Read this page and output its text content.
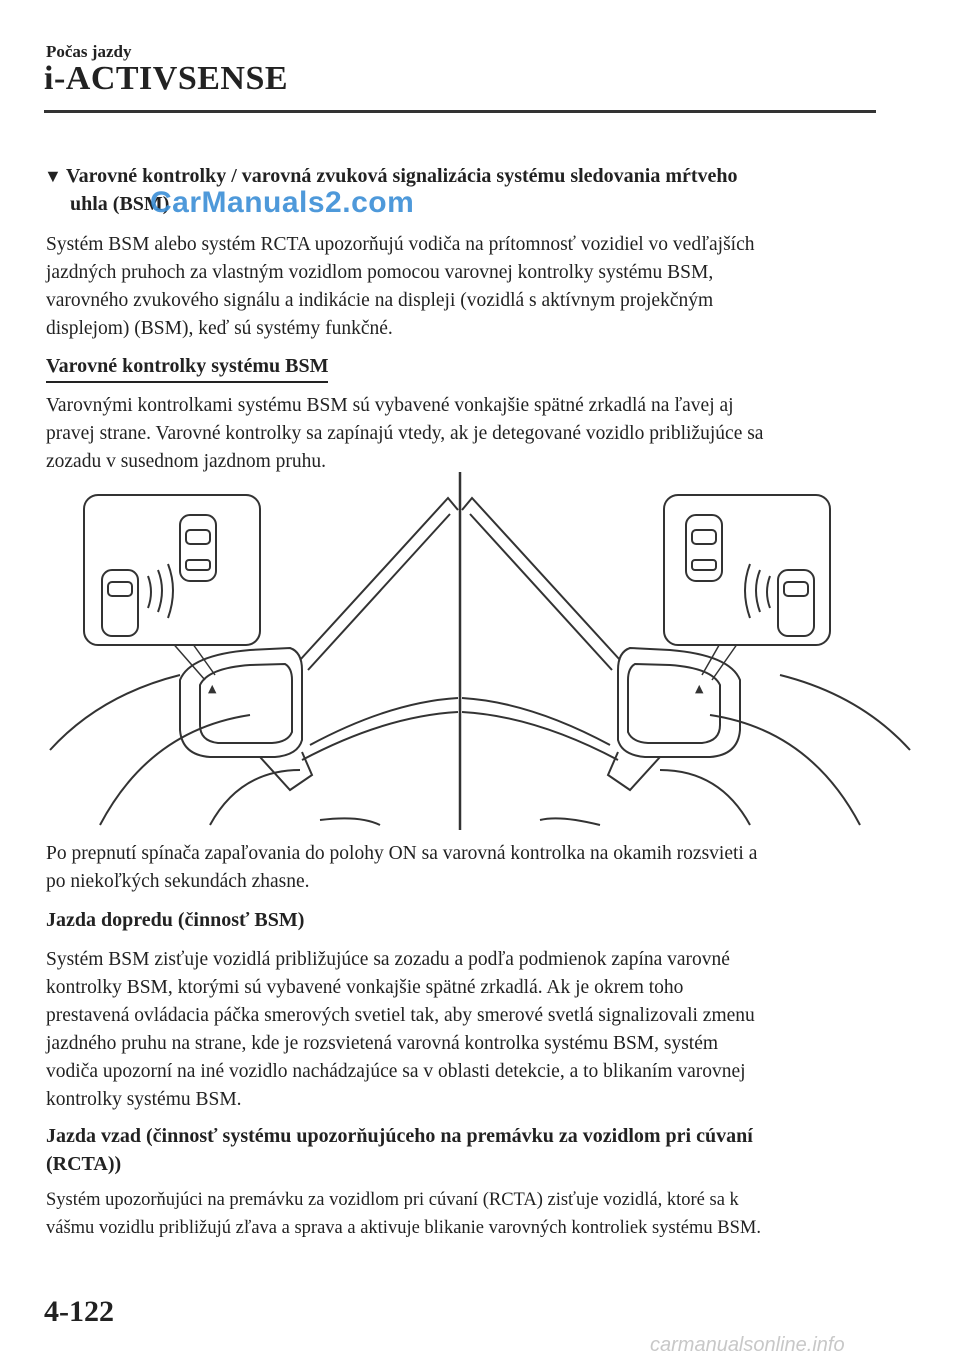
Počas jazdy
i-ACTIVSENSE
▼ Varovné kontrolky / varovná zvuková signalizácia systému sledovania mŕtveho
uhla (BSM)
CarManuals2.com
Systém BSM alebo systém RCTA upozorňujú vodiča na prítomnosť vozidiel vo vedľajších
jazdných pruhoch za vlastným vozidlom pomocou varovnej kontrolky systému BSM,
varovného zvukového signálu a indikácie na displeji (vozidlá s aktívnym projekčným
displejom) (BSM), keď sú systémy funkčné.
Varovné kontrolky systému BSM
Varovnými kontrolkami systému BSM sú vybavené vonkajšie spätné zrkadlá na ľavej aj
pravej strane. Varovné kontrolky sa zapínajú vtedy, ak je detegované vozidlo približujúce sa
zozadu v susednom jazdnom pruhu.
▲	▲
Po prepnutí spínača zapaľovania do polohy ON sa varovná kontrolka na okamih rozsvieti a
po niekoľkých sekundách zhasne.
Jazda dopredu (činnosť BSM)
Systém BSM zisťuje vozidlá približujúce sa zozadu a podľa podmienok zapína varovné
kontrolky BSM, ktorými sú vybavené vonkajšie spätné zrkadlá. Ak je okrem toho
prestavená ovládacia páčka smerových svetiel tak, aby smerové svetlá signalizovali zmenu
jazdného pruhu na strane, kde je rozsvietená varovná kontrolka systému BSM, systém
vodiča upozorní na iné vozidlo nachádzajúce sa v oblasti detekcie, a to blikaním varovnej
kontrolky systému BSM.
Jazda vzad (činnosť systému upozorňujúceho na premávku za vozidlom pri cúvaní
(RCTA))
Systém upozorňujúci na premávku za vozidlom pri cúvaní (RCTA) zisťuje vozidlá, ktoré sa k
vášmu vozidlu približujú zľava a sprava a aktivuje blikanie varovných kontroliek systému BSM.
4-122
carmanualsonline.info
